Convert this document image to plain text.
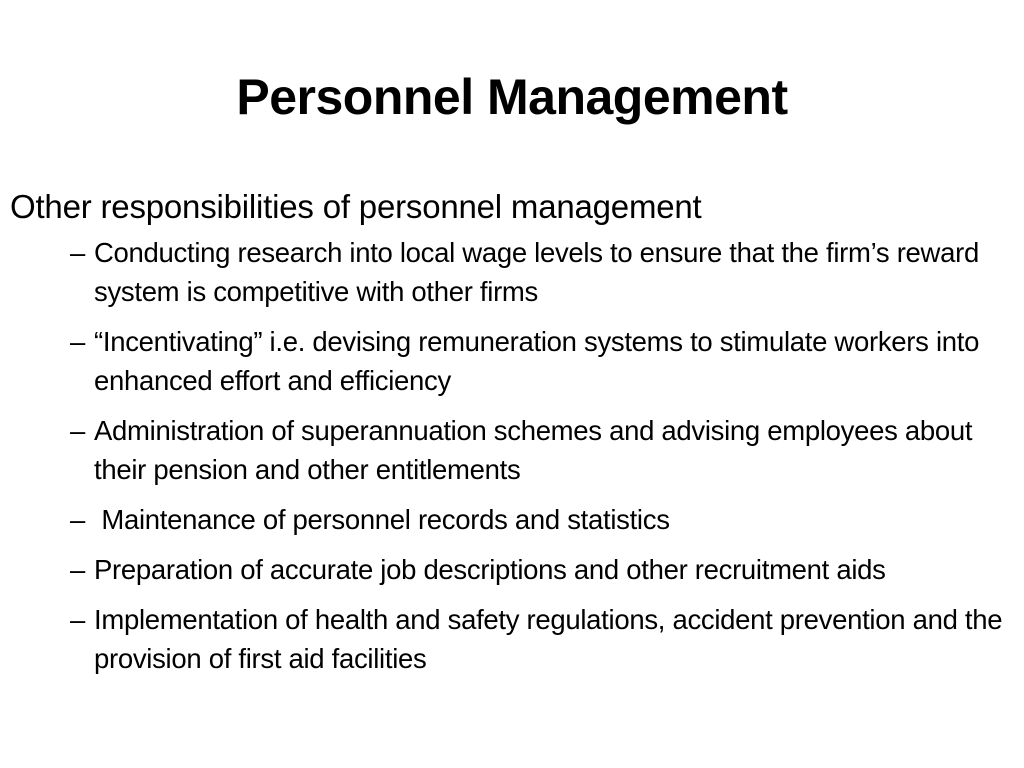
Personnel Management
Other responsibilities of personnel management
– Conducting research into local wage levels to ensure that the firm’s reward system is competitive with other firms
– “Incentivating” i.e. devising remuneration systems to stimulate workers into enhanced effort and efficiency
– Administration of superannuation schemes and advising employees about their pension and other entitlements
– Maintenance of personnel records and statistics
– Preparation of accurate job descriptions and other recruitment aids
– Implementation of health and safety regulations, accident prevention and the provision of first aid facilities
